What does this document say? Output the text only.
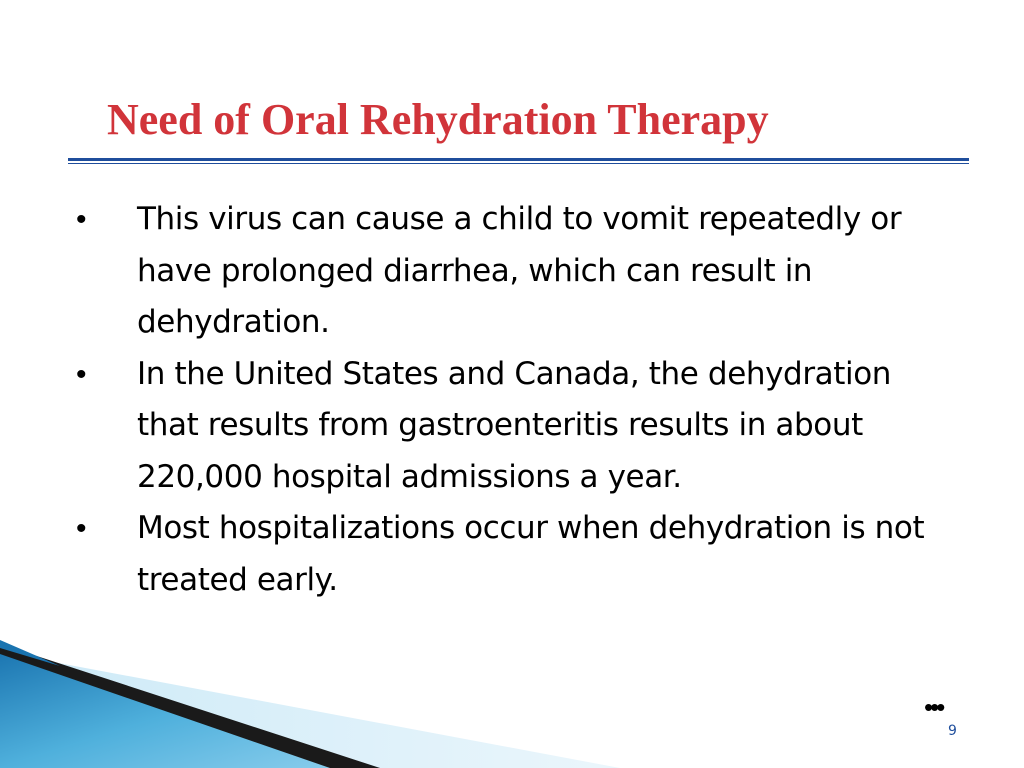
Need of Oral Rehydration Therapy
• This virus can cause a child to vomit repeatedly or have prolonged diarrhea, which can result in dehydration.
• In the United States and Canada, the dehydration that results from gastroenteritis results in about 220,000 hospital admissions a year.
• Most hospitalizations occur when dehydration is not treated early.
•••
9
